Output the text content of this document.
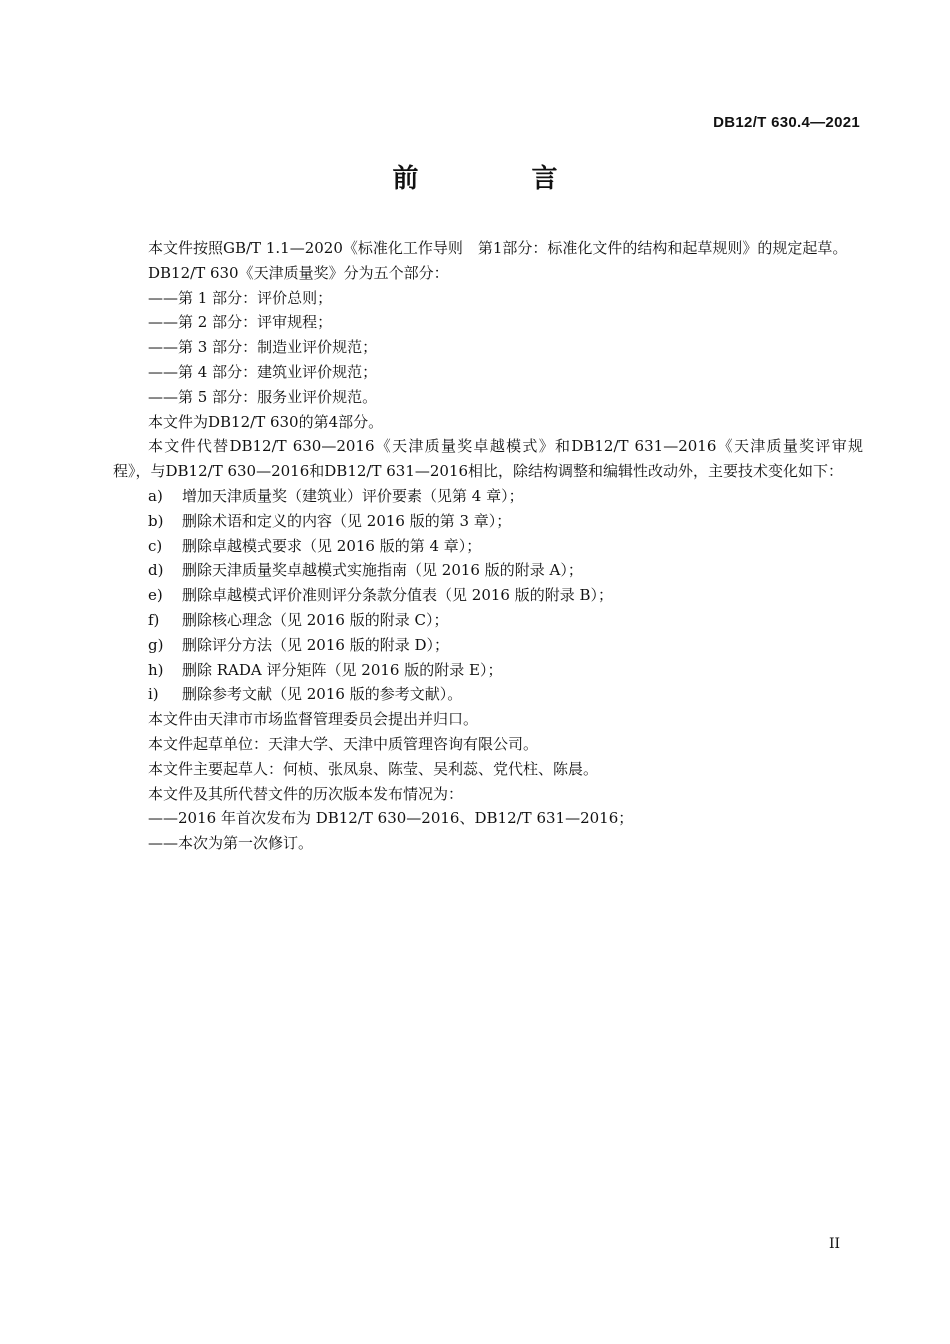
DB12/T 630.4—2021
前 言

本文件按照GB/T 1.1—2020《标准化工作导则　第1部分：标准化文件的结构和起草规则》的规定起草。

DB12/T 630《天津质量奖》分为五个部分：

——第 1 部分：评价总则；

——第 2 部分：评审规程；

——第 3 部分：制造业评价规范；

——第 4 部分：建筑业评价规范；

——第 5 部分：服务业评价规范。

本文件为DB12/T 630的第4部分。

本文件代替DB12/T 630—2016《天津质量奖卓越模式》和DB12/T 631—2016《天津质量奖评审规程》，与DB12/T 630—2016和DB12/T 631—2016相比，除结构调整和编辑性改动外，主要技术变化如下：

a)	增加天津质量奖（建筑业）评价要素（见第 4 章）；
b)	删除术语和定义的内容（见 2016 版的第 3 章）；
c)	删除卓越模式要求（见 2016 版的第 4 章）；
d)	删除天津质量奖卓越模式实施指南（见 2016 版的附录 A）；
e)	删除卓越模式评价准则评分条款分值表（见 2016 版的附录 B）；
f)	删除核心理念（见 2016 版的附录 C）；
g)	删除评分方法（见 2016 版的附录 D）；
h)	删除 RADA 评分矩阵（见 2016 版的附录 E）；
i)	删除参考文献（见 2016 版的参考文献）。

本文件由天津市市场监督管理委员会提出并归口。

本文件起草单位：天津大学、天津中质管理咨询有限公司。

本文件主要起草人：何桢、张凤泉、陈莹、吴利蕊、党代柱、陈晨。

本文件及其所代替文件的历次版本发布情况为：

——2016 年首次发布为 DB12/T 630—2016、DB12/T 631—2016；

——本次为第一次修订。

II
